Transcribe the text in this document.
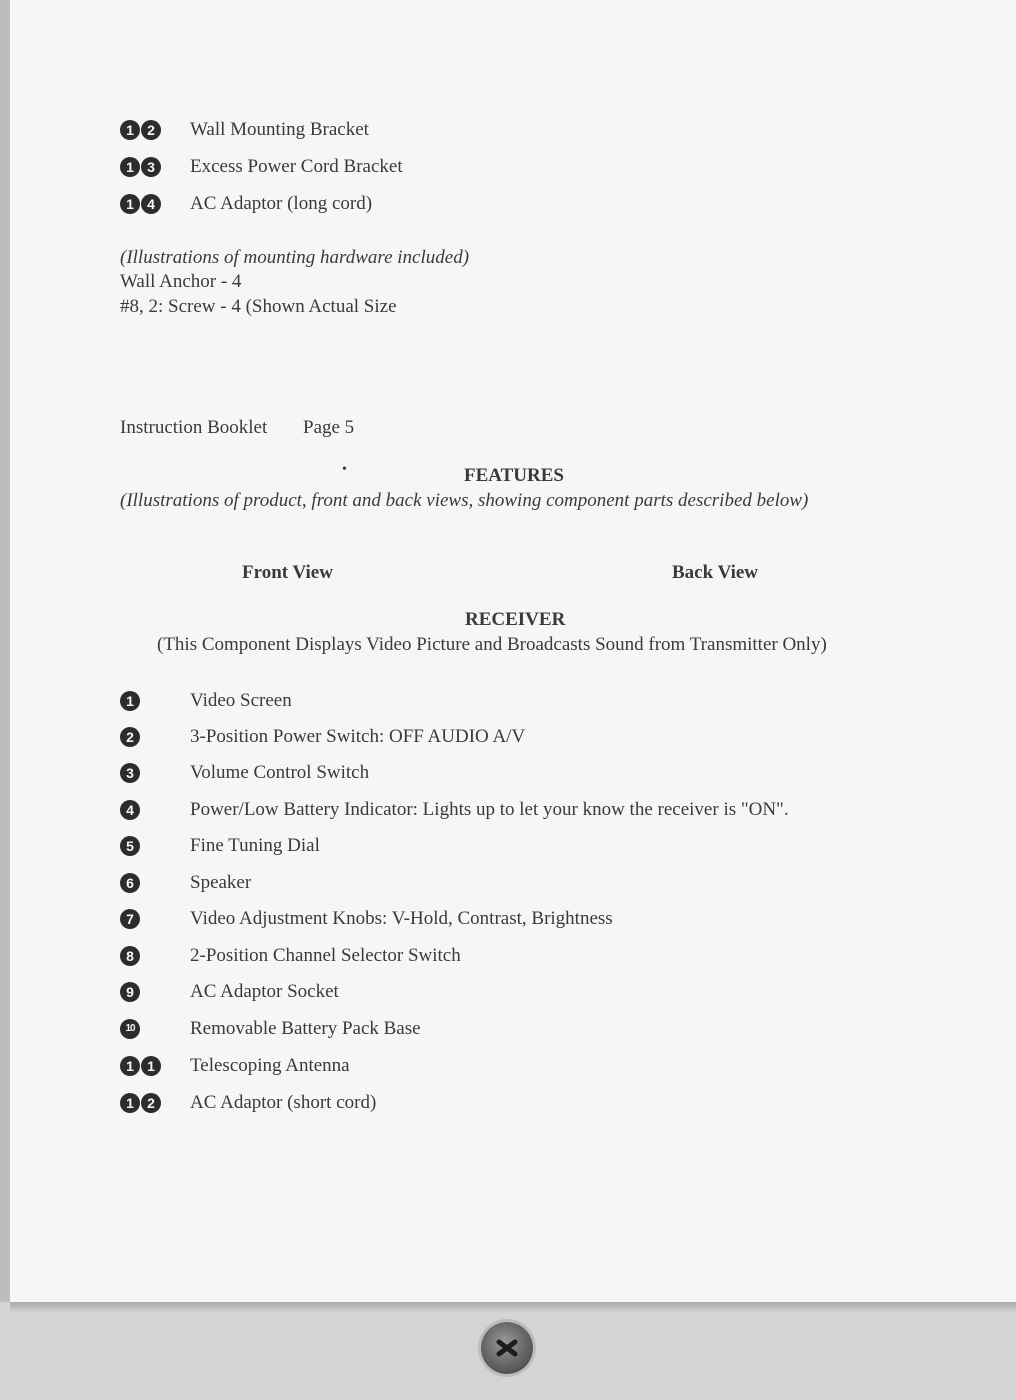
1 2	Wall Mounting Bracket
1 3	Excess Power Cord Bracket
1 4	AC Adaptor (long cord)
(Illustrations of mounting hardware included)
Wall Anchor - 4
#8, 2: Screw - 4 (Shown Actual Size
Instruction Booklet Page 5
•	FEATURES
(Illustrations of product, front and back views, showing component parts described below)
Front View	Back View
RECEIVER
(This Component Displays Video Picture and Broadcasts Sound from Transmitter Only)
1	Video Screen
2	3-Position Power Switch: OFF AUDIO A/V
3	Volume Control Switch
4	Power/Low Battery Indicator: Lights up to let your know the receiver is "ON".
5	Fine Tuning Dial
6	Speaker
7	Video Adjustment Knobs: V-Hold, Contrast, Brightness
8	2-Position Channel Selector Switch
9	AC Adaptor Socket
10	Removable Battery Pack Base
1 1	Telescoping Antenna
1 2	AC Adaptor (short cord)
